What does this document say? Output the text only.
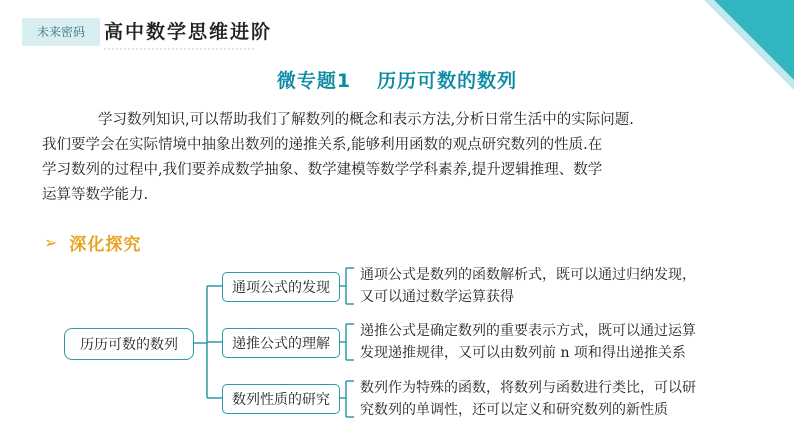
未来密码	高中数学思维进阶
微专题1 历历可数的数列

学习数列知识,可以帮助我们了解数列的概念和表示方法,分析日常生活中的实际问题.

我们要学会在实际情境中抽象出数列的递推关系,能够利用函数的观点研究数列的性质.在

学习数列的过程中,我们要养成数学抽象、数学建模等数学学科素养,提升逻辑推理、数学

运算等数学能力.

➢ 深化探究
历历可数的数列
通项公式的发现
递推公式的理解
数列性质的研究

通项公式是数列的函数解析式，既可以通过归纳发现，

又可以通过数学运算获得

递推公式是确定数列的重要表示方式，既可以通过运算

发现递推规律，又可以由数列前 n 项和得出递推关系

数列作为特殊的函数，将数列与函数进行类比，可以研

究数列的单调性，还可以定义和研究数列的新性质
